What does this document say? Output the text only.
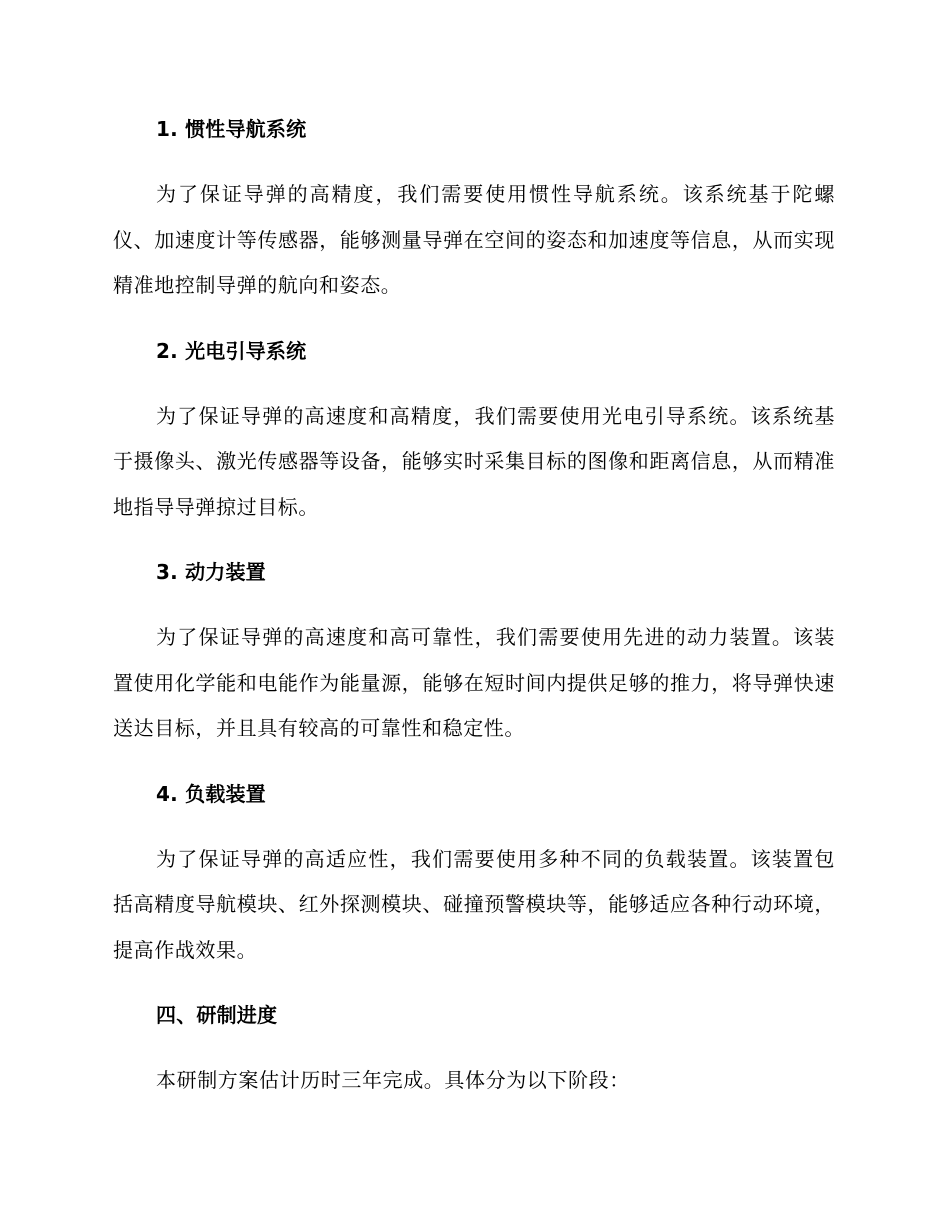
1. 惯性导航系统
为了保证导弹的高精度，我们需要使用惯性导航系统。该系统基于陀螺仪、加速度计等传感器，能够测量导弹在空间的姿态和加速度等信息，从而实现精准地控制导弹的航向和姿态。
2. 光电引导系统
为了保证导弹的高速度和高精度，我们需要使用光电引导系统。该系统基于摄像头、激光传感器等设备，能够实时采集目标的图像和距离信息，从而精准地指导导弹掠过目标。
3. 动力装置
为了保证导弹的高速度和高可靠性，我们需要使用先进的动力装置。该装置使用化学能和电能作为能量源，能够在短时间内提供足够的推力，将导弹快速送达目标，并且具有较高的可靠性和稳定性。
4. 负载装置
为了保证导弹的高适应性，我们需要使用多种不同的负载装置。该装置包括高精度导航模块、红外探测模块、碰撞预警模块等，能够适应各种行动环境，提高作战效果。
四、研制进度
本研制方案估计历时三年完成。具体分为以下阶段：
